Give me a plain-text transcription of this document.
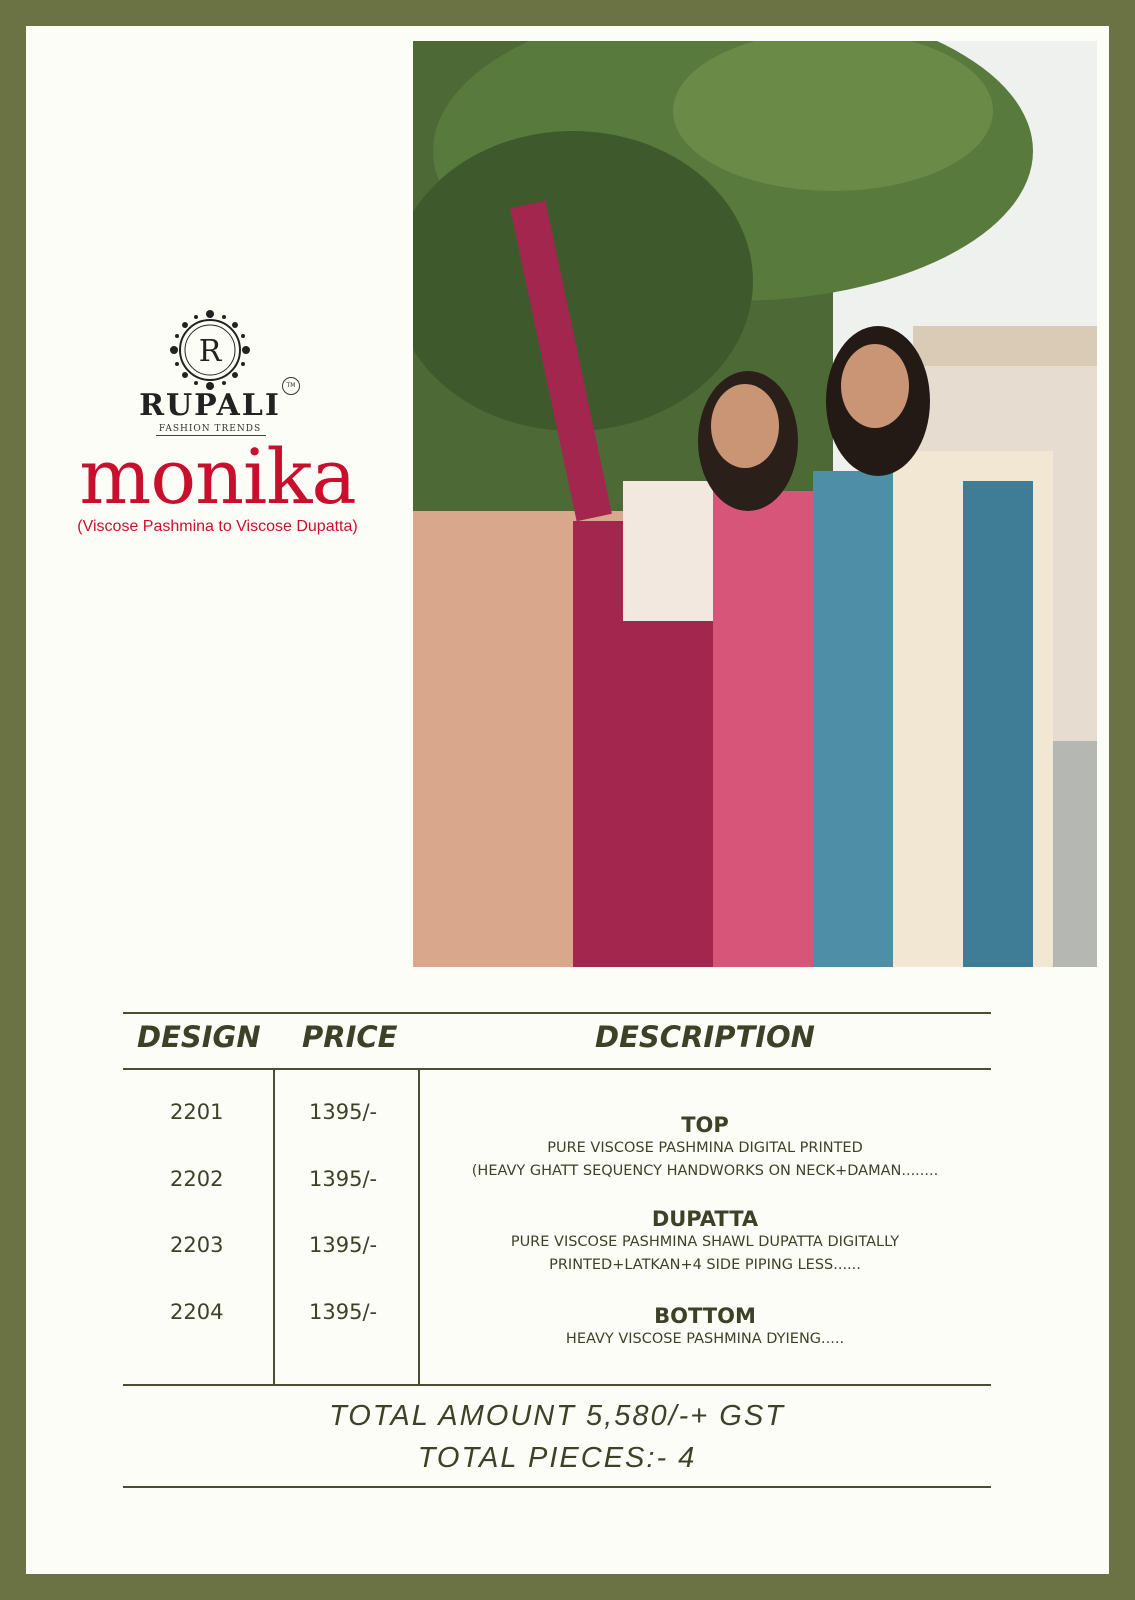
R
RUPALI
TM
FASHION TRENDS
monika
(Viscose Pashmina to Viscose Dupatta)
DESIGN PRICE	DESCRIPTION
2201	1395/-
2202	1395/-
2203	1395/-
2204	1395/-
TOP
PURE VISCOSE PASHMINA DIGITAL PRINTED
(HEAVY GHATT SEQUENCY HANDWORKS ON NECK+DAMAN........
DUPATTA
PURE VISCOSE PASHMINA SHAWL DUPATTA DIGITALLY
PRINTED+LATKAN+4 SIDE PIPING LESS......
BOTTOM
HEAVY VISCOSE PASHMINA DYIENG.....
TOTAL AMOUNT 5,580/-+ GST
TOTAL PIECES:- 4
